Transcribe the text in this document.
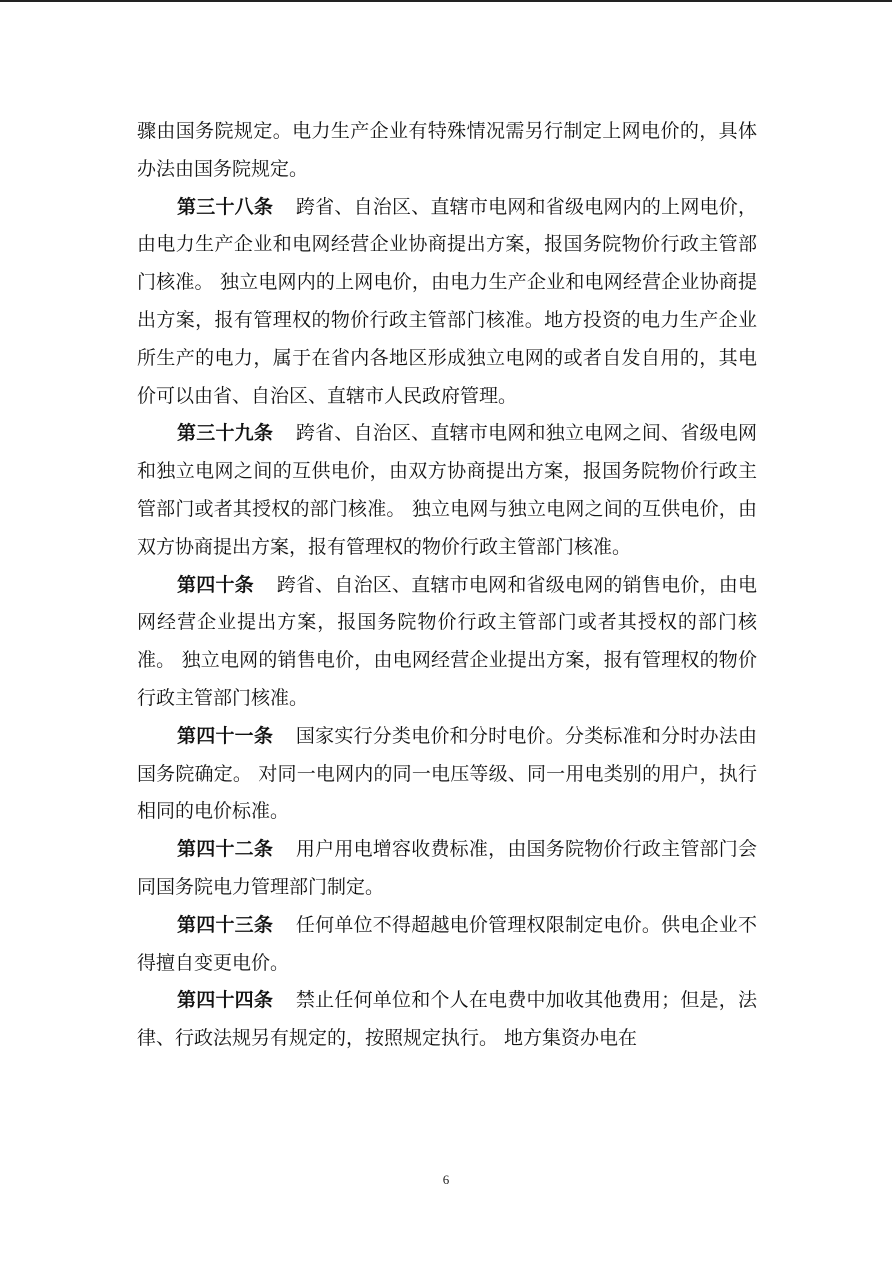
骤由国务院规定。电力生产企业有特殊情况需另行制定上网电价的，具体办法由国务院规定。

第三十八条 跨省、自治区、直辖市电网和省级电网内的上网电价，由电力生产企业和电网经营企业协商提出方案，报国务院物价行政主管部门核准。 独立电网内的上网电价，由电力生产企业和电网经营企业协商提出方案，报有管理权的物价行政主管部门核准。地方投资的电力生产企业所生产的电力，属于在省内各地区形成独立电网的或者自发自用的，其电价可以由省、自治区、直辖市人民政府管理。

第三十九条 跨省、自治区、直辖市电网和独立电网之间、省级电网和独立电网之间的互供电价，由双方协商提出方案，报国务院物价行政主管部门或者其授权的部门核准。 独立电网与独立电网之间的互供电价，由双方协商提出方案，报有管理权的物价行政主管部门核准。

第四十条 跨省、自治区、直辖市电网和省级电网的销售电价，由电网经营企业提出方案，报国务院物价行政主管部门或者其授权的部门核准。 独立电网的销售电价，由电网经营企业提出方案，报有管理权的物价行政主管部门核准。

第四十一条 国家实行分类电价和分时电价。分类标准和分时办法由国务院确定。 对同一电网内的同一电压等级、同一用电类别的用户，执行相同的电价标准。

第四十二条 用户用电增容收费标准，由国务院物价行政主管部门会同国务院电力管理部门制定。

第四十三条 任何单位不得超越电价管理权限制定电价。供电企业不得擅自变更电价。

第四十四条 禁止任何单位和个人在电费中加收其他费用；但是，法律、行政法规另有规定的，按照规定执行。 地方集资办电在

6
